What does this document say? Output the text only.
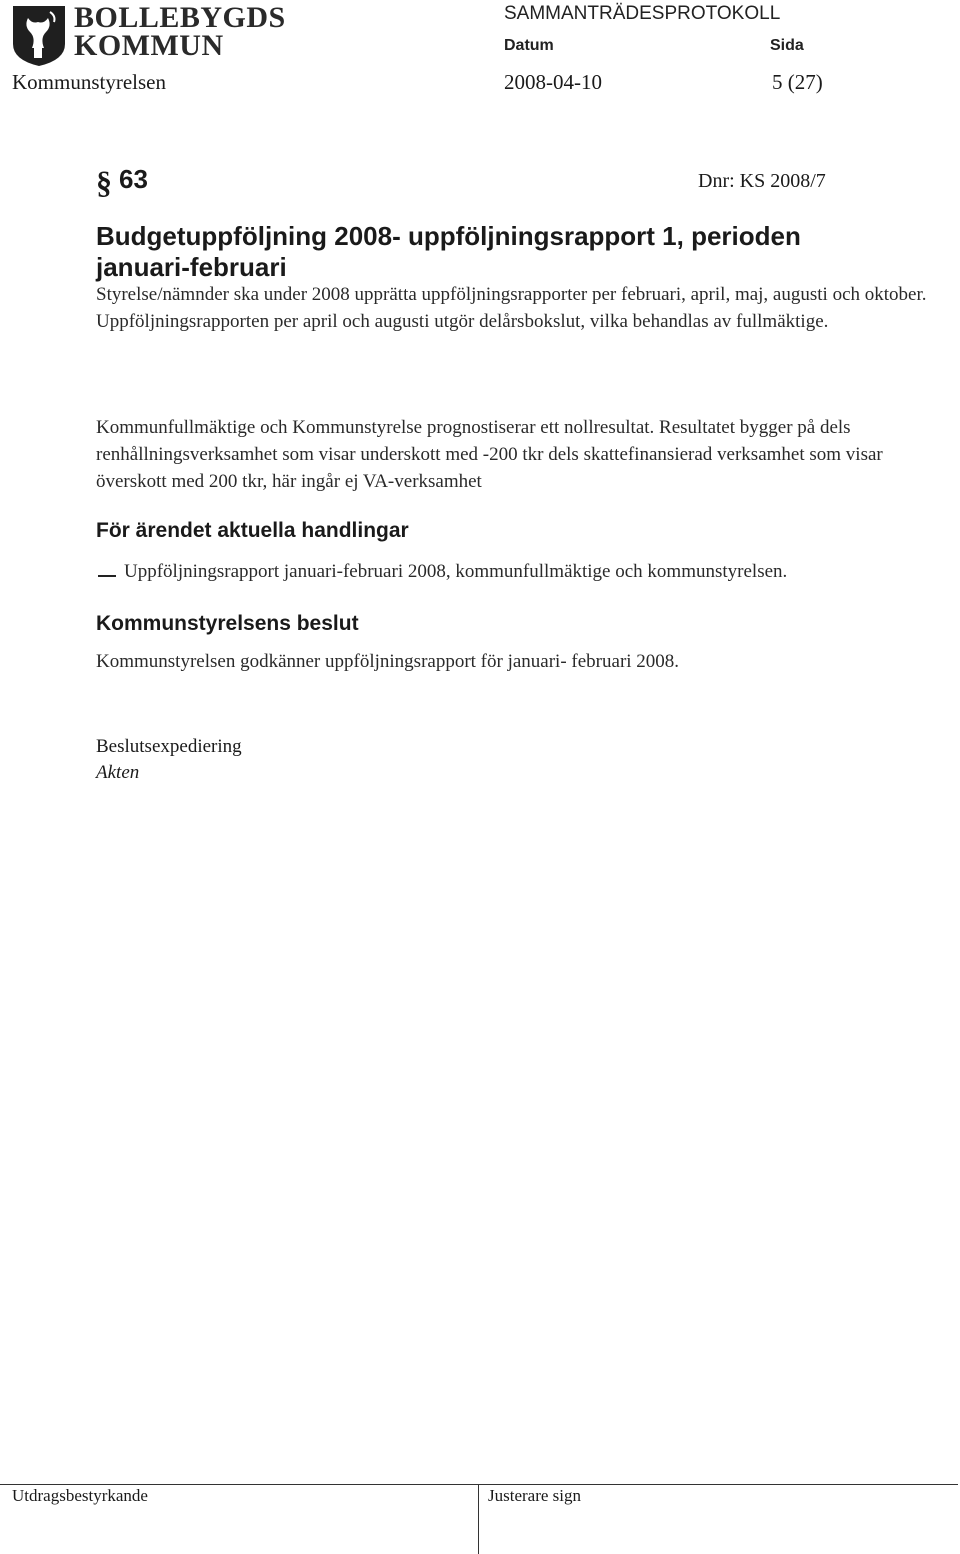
BOLLEBYGDS
KOMMUN
SAMMANTRÄDESPROTOKOLL
Datum	Sida
Kommunstyrelsen	2008-04-10	5 (27)
§ 63	Dnr: KS 2008/7
Budgetuppföljning 2008- uppföljningsrapport 1, perioden januari-februari
Styrelse/nämnder ska under 2008 upprätta uppföljningsrapporter per februari, april, maj, augusti och oktober. Uppföljningsrapporten per april och augusti utgör delårsbokslut, vilka behandlas av fullmäktige.
Kommunfullmäktige och Kommunstyrelse prognostiserar ett nollresultat. Resultatet bygger på dels renhållningsverksamhet som visar underskott med -200 tkr dels skattefinansierad verksamhet som visar överskott med 200 tkr, här ingår ej VA-verksamhet
För ärendet aktuella handlingar
Uppföljningsrapport januari-februari 2008, kommunfullmäktige och kommunstyrelsen.
Kommunstyrelsens beslut
Kommunstyrelsen godkänner uppföljningsrapport för januari- februari 2008.
Beslutsexpediering
Akten
Utdragsbestyrkande	Justerare sign
